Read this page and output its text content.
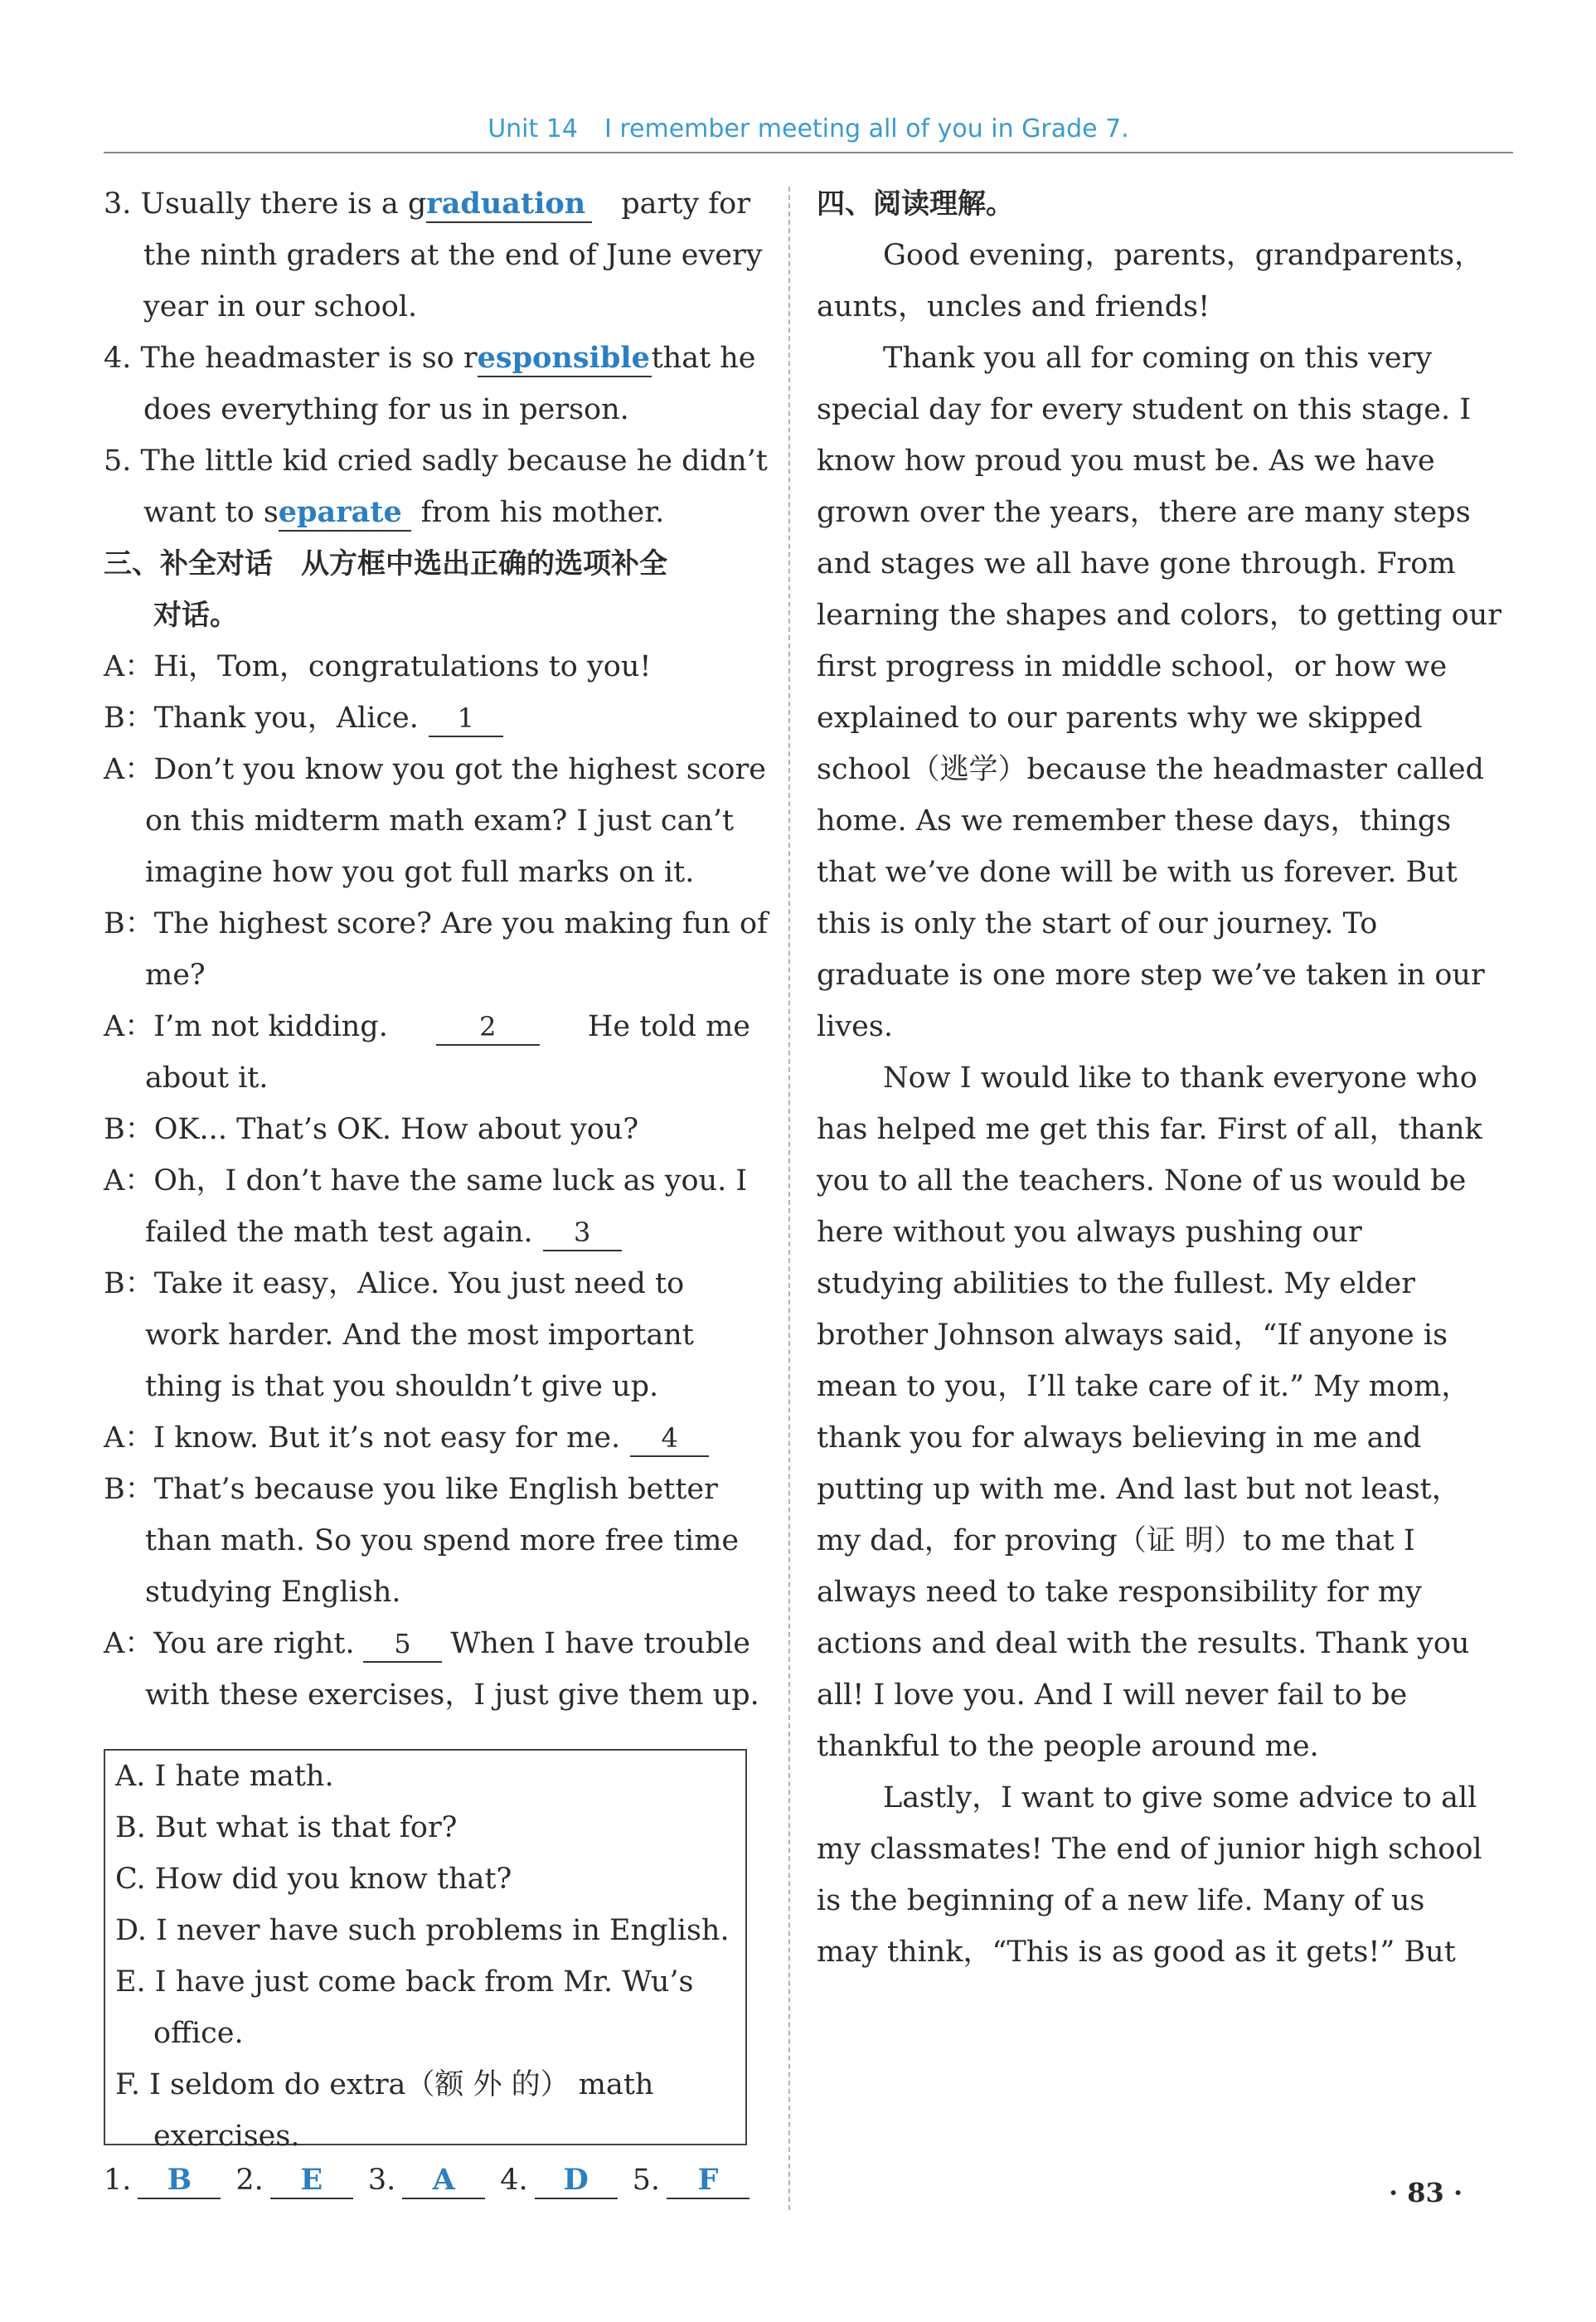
Unit 14 I remember meeting all of you in Grade 7.
3. Usually there is a graduation party for
the ninth graders at the end of June every
year in our school.
4. The headmaster is so responsible that he
does everything for us in person.
5. The little kid cried sadly because he didn’t
want to separate from his mother.
三、补全对话　从方框中选出正确的选项补全
对话。
A：Hi，Tom，congratulations to you!
B：Thank you，Alice.	1
A：Don’t you know you got the highest score
on this midterm math exam? I just can’t
imagine how you got full marks on it.
B：The highest score? Are you making fun of
me?
A：I’m not kidding.	2	He told me
about it.
B：OK... That’s OK. How about you?
A：Oh，I don’t have the same luck as you. I
failed the math test again.	3
B：Take it easy，Alice. You just need to
work harder. And the most important
thing is that you shouldn’t give up.
A：I know. But it’s not easy for me.	4
B：That’s because you like English better
than math. So you spend more free time
studying English.
A：You are right.	5	When I have trouble
with these exercises，I just give them up.
A. I hate math.
B. But what is that for?
C. How did you know that?
D. I never have such problems in English.
E. I have just come back from Mr. Wu’s
office.
F. I seldom do extra（额 外 的） math
exercises.
1.	B	2.	E	3.	A	4.	D	5.	F
四、阅读理解。
Good evening，parents，grandparents，
aunts，uncles and friends!
Thank you all for coming on this very
special day for every student on this stage. I
know how proud you must be. As we have
grown over the years，there are many steps
and stages we all have gone through. From
learning the shapes and colors，to getting our
first progress in middle school，or how we
explained to our parents why we skipped
school（逃学）because the headmaster called
home. As we remember these days，things
that we’ve done will be with us forever. But
this is only the start of our journey. To
graduate is one more step we’ve taken in our
lives.
Now I would like to thank everyone who
has helped me get this far. First of all，thank
you to all the teachers. None of us would be
here without you always pushing our
studying abilities to the fullest. My elder
brother Johnson always said，“If anyone is
mean to you，I’ll take care of it.” My mom，
thank you for always believing in me and
putting up with me. And last but not least，
my dad，for proving（证 明）to me that I
always need to take responsibility for my
actions and deal with the results. Thank you
all! I love you. And I will never fail to be
thankful to the people around me.
Lastly，I want to give some advice to all
my classmates! The end of junior high school
is the beginning of a new life. Many of us
may think，“This is as good as it gets!” But
· 83 ·
